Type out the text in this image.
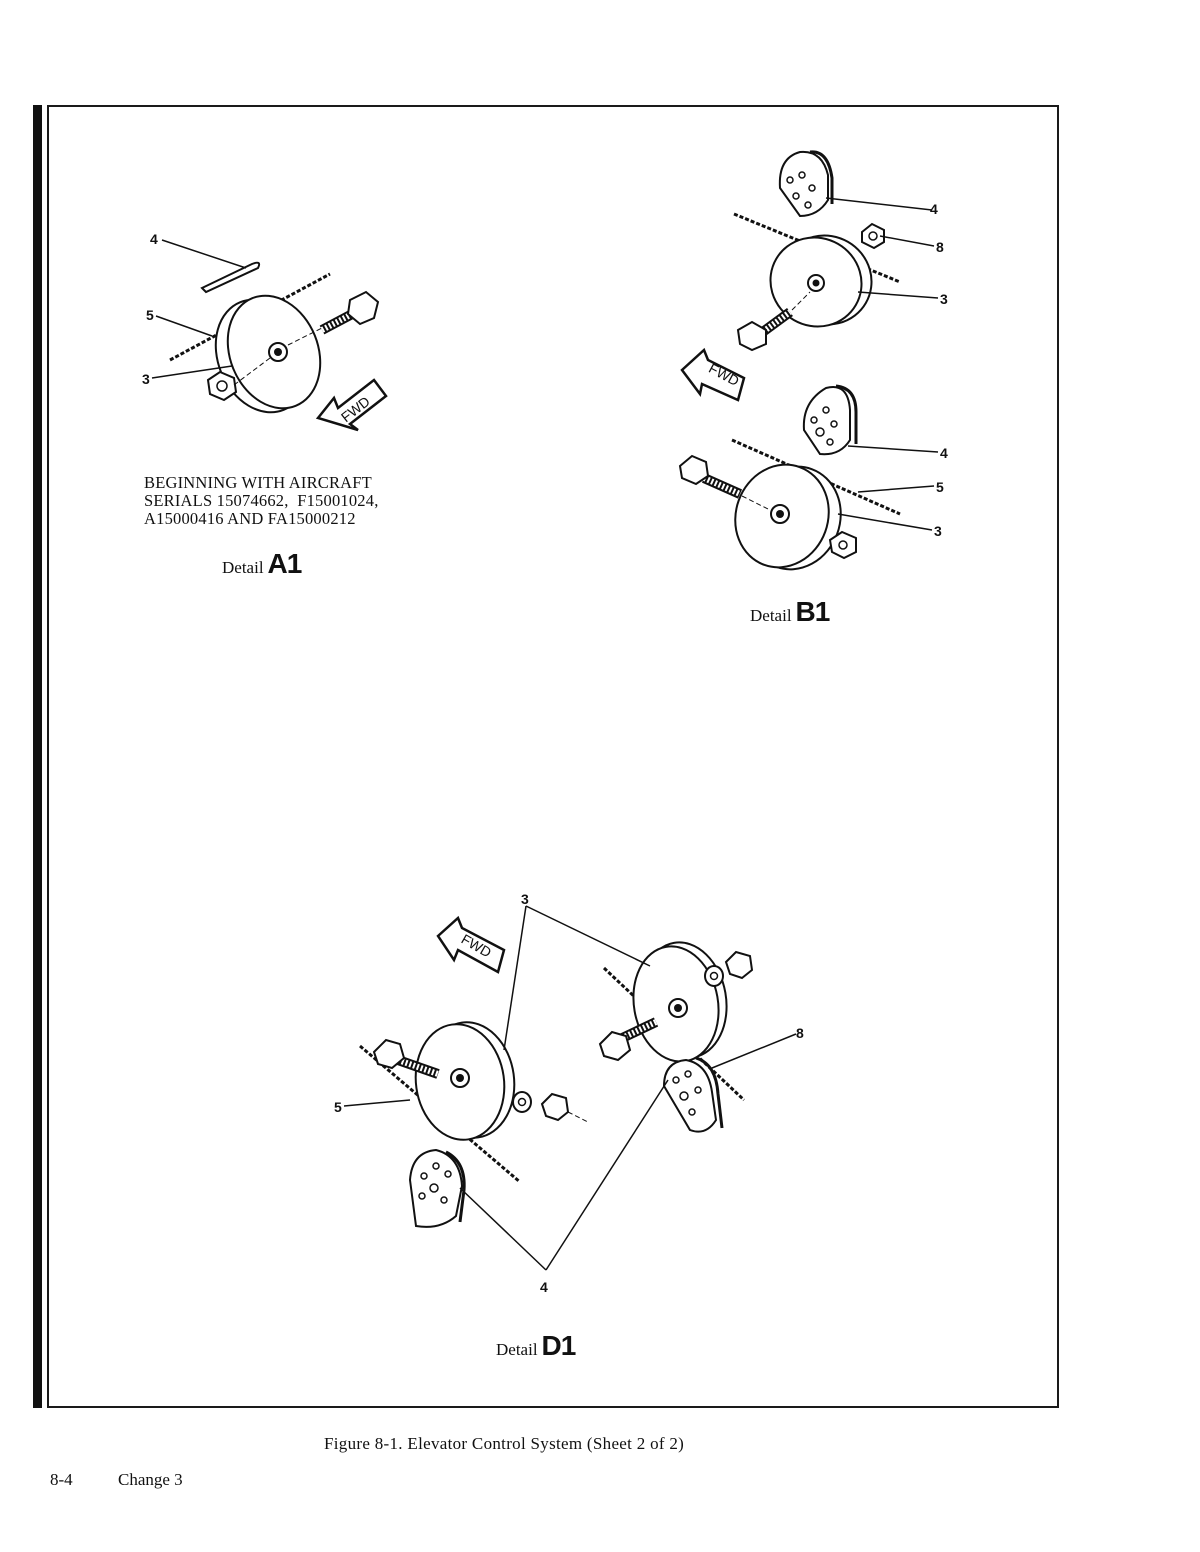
FWD
4
5
3	FWD
4
8
3
4
5
3
FWD
3
8
5
4
BEGINNING WITH AIRCRAFT
SERIALS 15074662,  F15001024,
A15000416 AND FA15000212
Detail A1
Detail B1
Detail D1
Figure 8-1. Elevator Control System (Sheet 2 of 2)
8-4	Change 3
